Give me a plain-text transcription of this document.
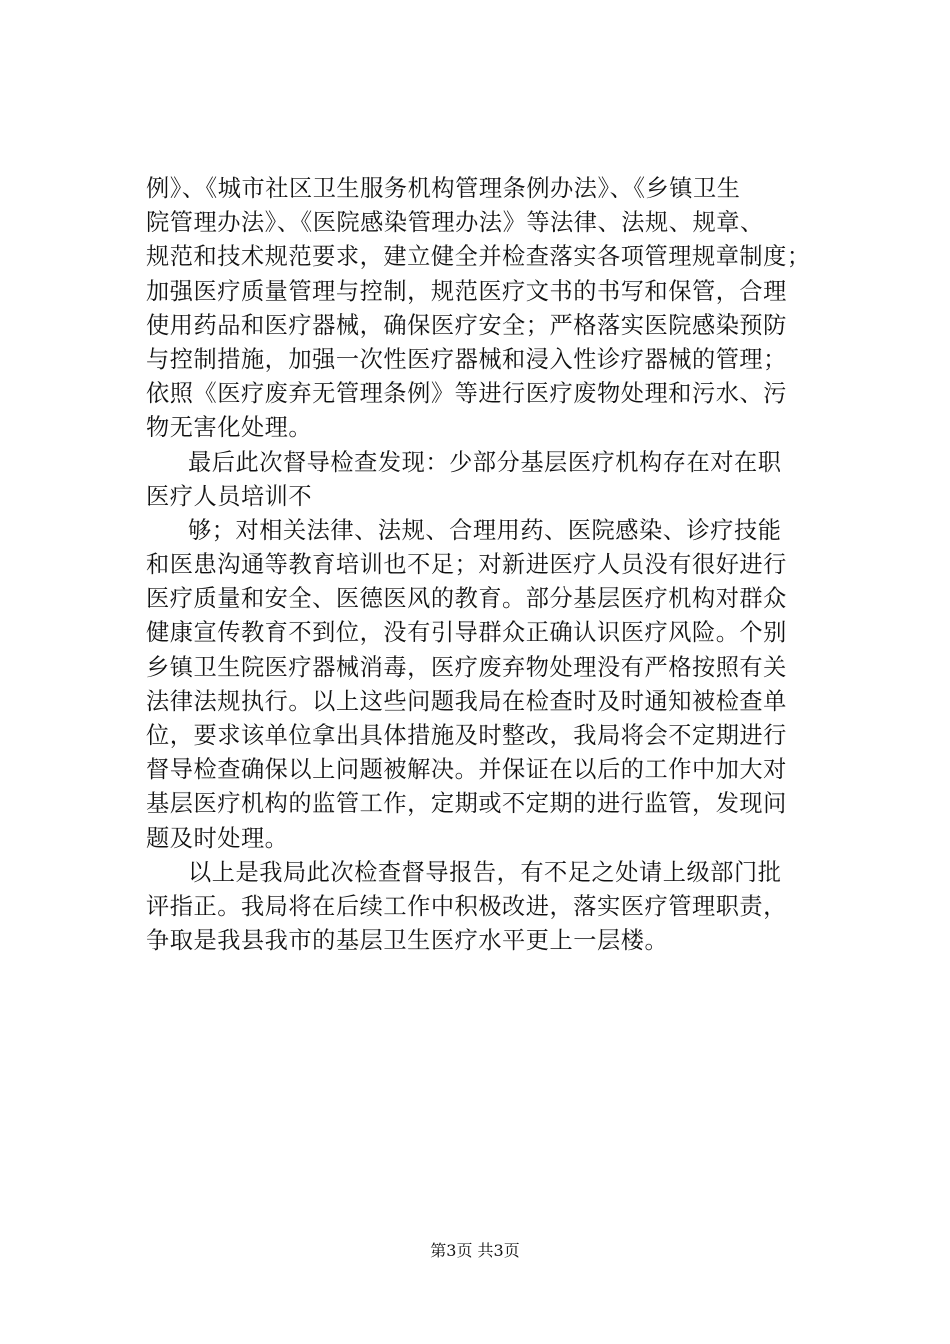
例》、《城市社区卫生服务机构管理条例办法》、《乡镇卫生
院管理办法》、《医院感染管理办法》等法律、法规、规章、
规范和技术规范要求，建立健全并检查落实各项管理规章制度；
加强医疗质量管理与控制，规范医疗文书的书写和保管，合理
使用药品和医疗器械，确保医疗安全；严格落实医院感染预防
与控制措施，加强一次性医疗器械和浸入性诊疗器械的管理；
依照《医疗废弃无管理条例》等进行医疗废物处理和污水、污
物无害化处理。
最后此次督导检查发现：少部分基层医疗机构存在对在职
医疗人员培训不
够；对相关法律、法规、合理用药、医院感染、诊疗技能
和医患沟通等教育培训也不足；对新进医疗人员没有很好进行
医疗质量和安全、医德医风的教育。部分基层医疗机构对群众
健康宣传教育不到位，没有引导群众正确认识医疗风险。个别
乡镇卫生院医疗器械消毒，医疗废弃物处理没有严格按照有关
法律法规执行。以上这些问题我局在检查时及时通知被检查单
位，要求该单位拿出具体措施及时整改，我局将会不定期进行
督导检查确保以上问题被解决。并保证在以后的工作中加大对
基层医疗机构的监管工作，定期或不定期的进行监管，发现问
题及时处理。
以上是我局此次检查督导报告，有不足之处请上级部门批
评指正。我局将在后续工作中积极改进，落实医疗管理职责，
争取是我县我市的基层卫生医疗水平更上一层楼。
第3页 共3页
